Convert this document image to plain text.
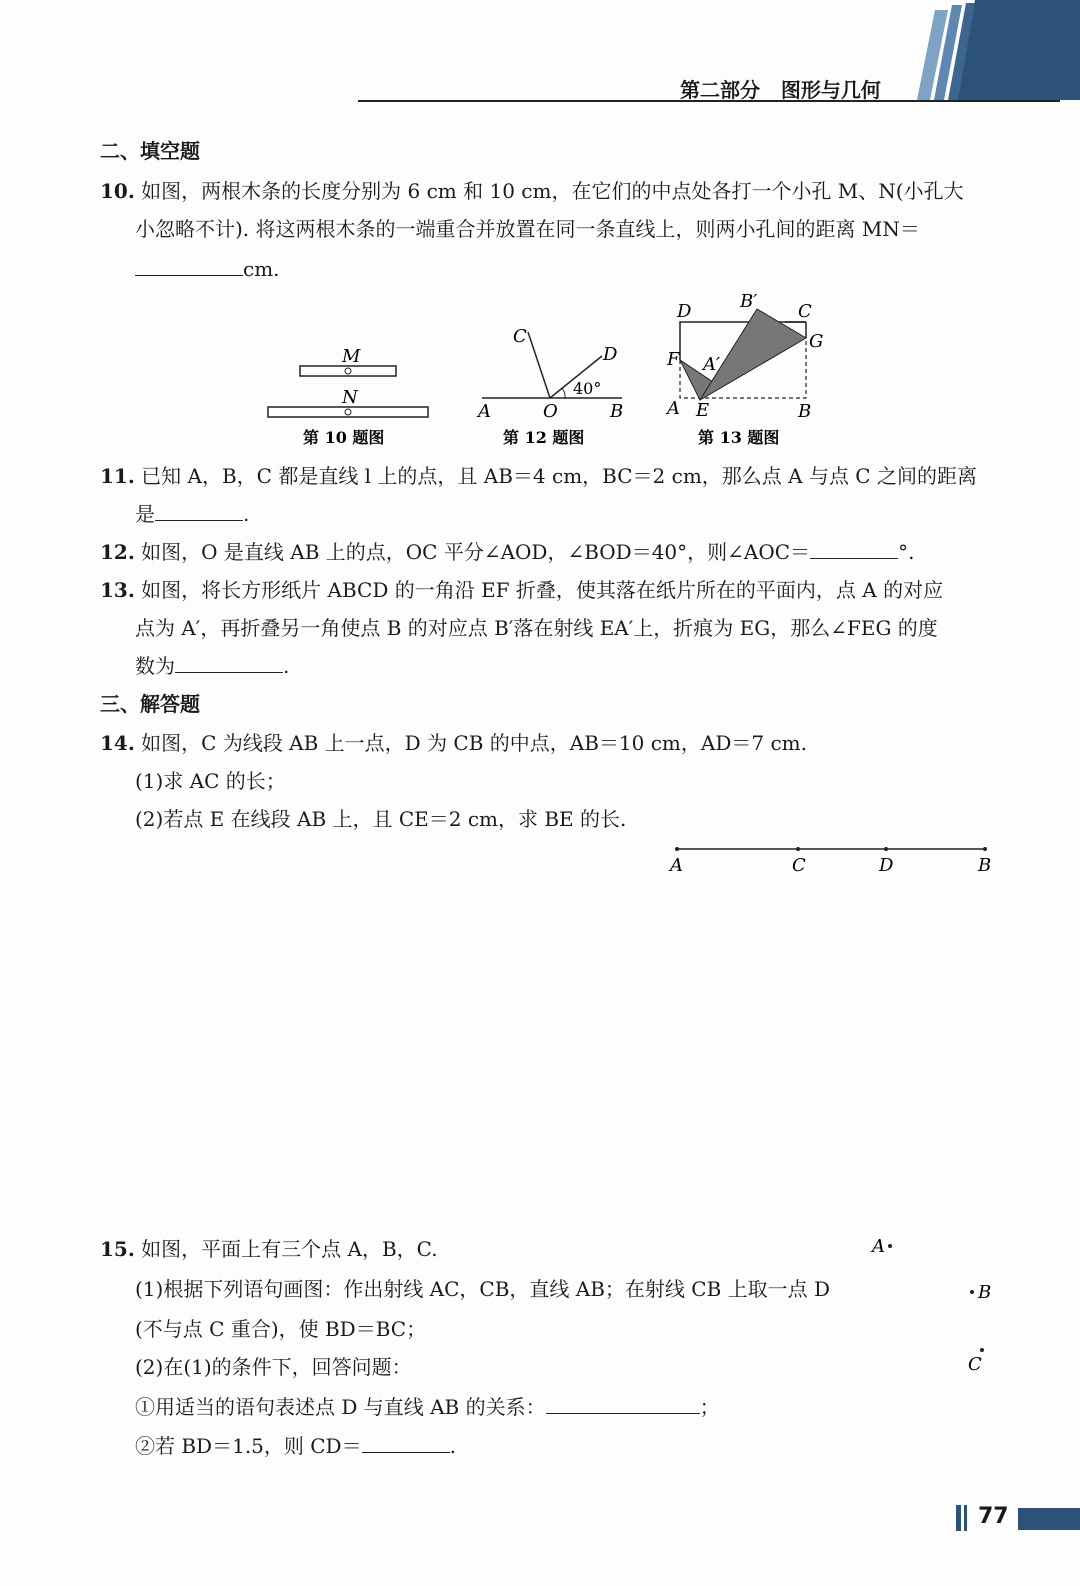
第二部分 图形与几何
二、填空题
10. 如图，两根木条的长度分别为 6 cm 和 10 cm，在它们的中点处各打一个小孔 M、N(小孔大
小忽略不计). 将这两根木条的一端重合并放置在同一条直线上，则两小孔间的距离 MN＝
cm.
M
N
第 10 题图
A	O	B
C
D
40°
第 12 题图
A E	B
D	C
B′
G
F A′
第 13 题图
11. 已知 A，B，C 都是直线 l 上的点，且 AB＝4 cm，BC＝2 cm，那么点 A 与点 C 之间的距离
是	.
12. 如图，O 是直线 AB 上的点，OC 平分∠AOD，∠BOD＝40°，则∠AOC＝	°.
13. 如图，将长方形纸片 ABCD 的一角沿 EF 折叠，使其落在纸片所在的平面内，点 A 的对应
点为 A′，再折叠另一角使点 B 的对应点 B′落在射线 EA′上，折痕为 EG，那么∠FEG 的度
数为	.
三、解答题
14. 如图，C 为线段 AB 上一点，D 为 CB 的中点，AB＝10 cm，AD＝7 cm.
(1)求 AC 的长；
(2)若点 E 在线段 AB 上，且 CE＝2 cm，求 BE 的长.
A	C	D	B
15. 如图，平面上有三个点 A，B，C.
(1)根据下列语句画图：作出射线 AC，CB，直线 AB；在射线 CB 上取一点 D
(不与点 C 重合)，使 BD＝BC；
(2)在(1)的条件下，回答问题：
①用适当的语句表述点 D 与直线 AB 的关系：	；
②若 BD＝1.5，则 CD＝	.
A
B
C
77
